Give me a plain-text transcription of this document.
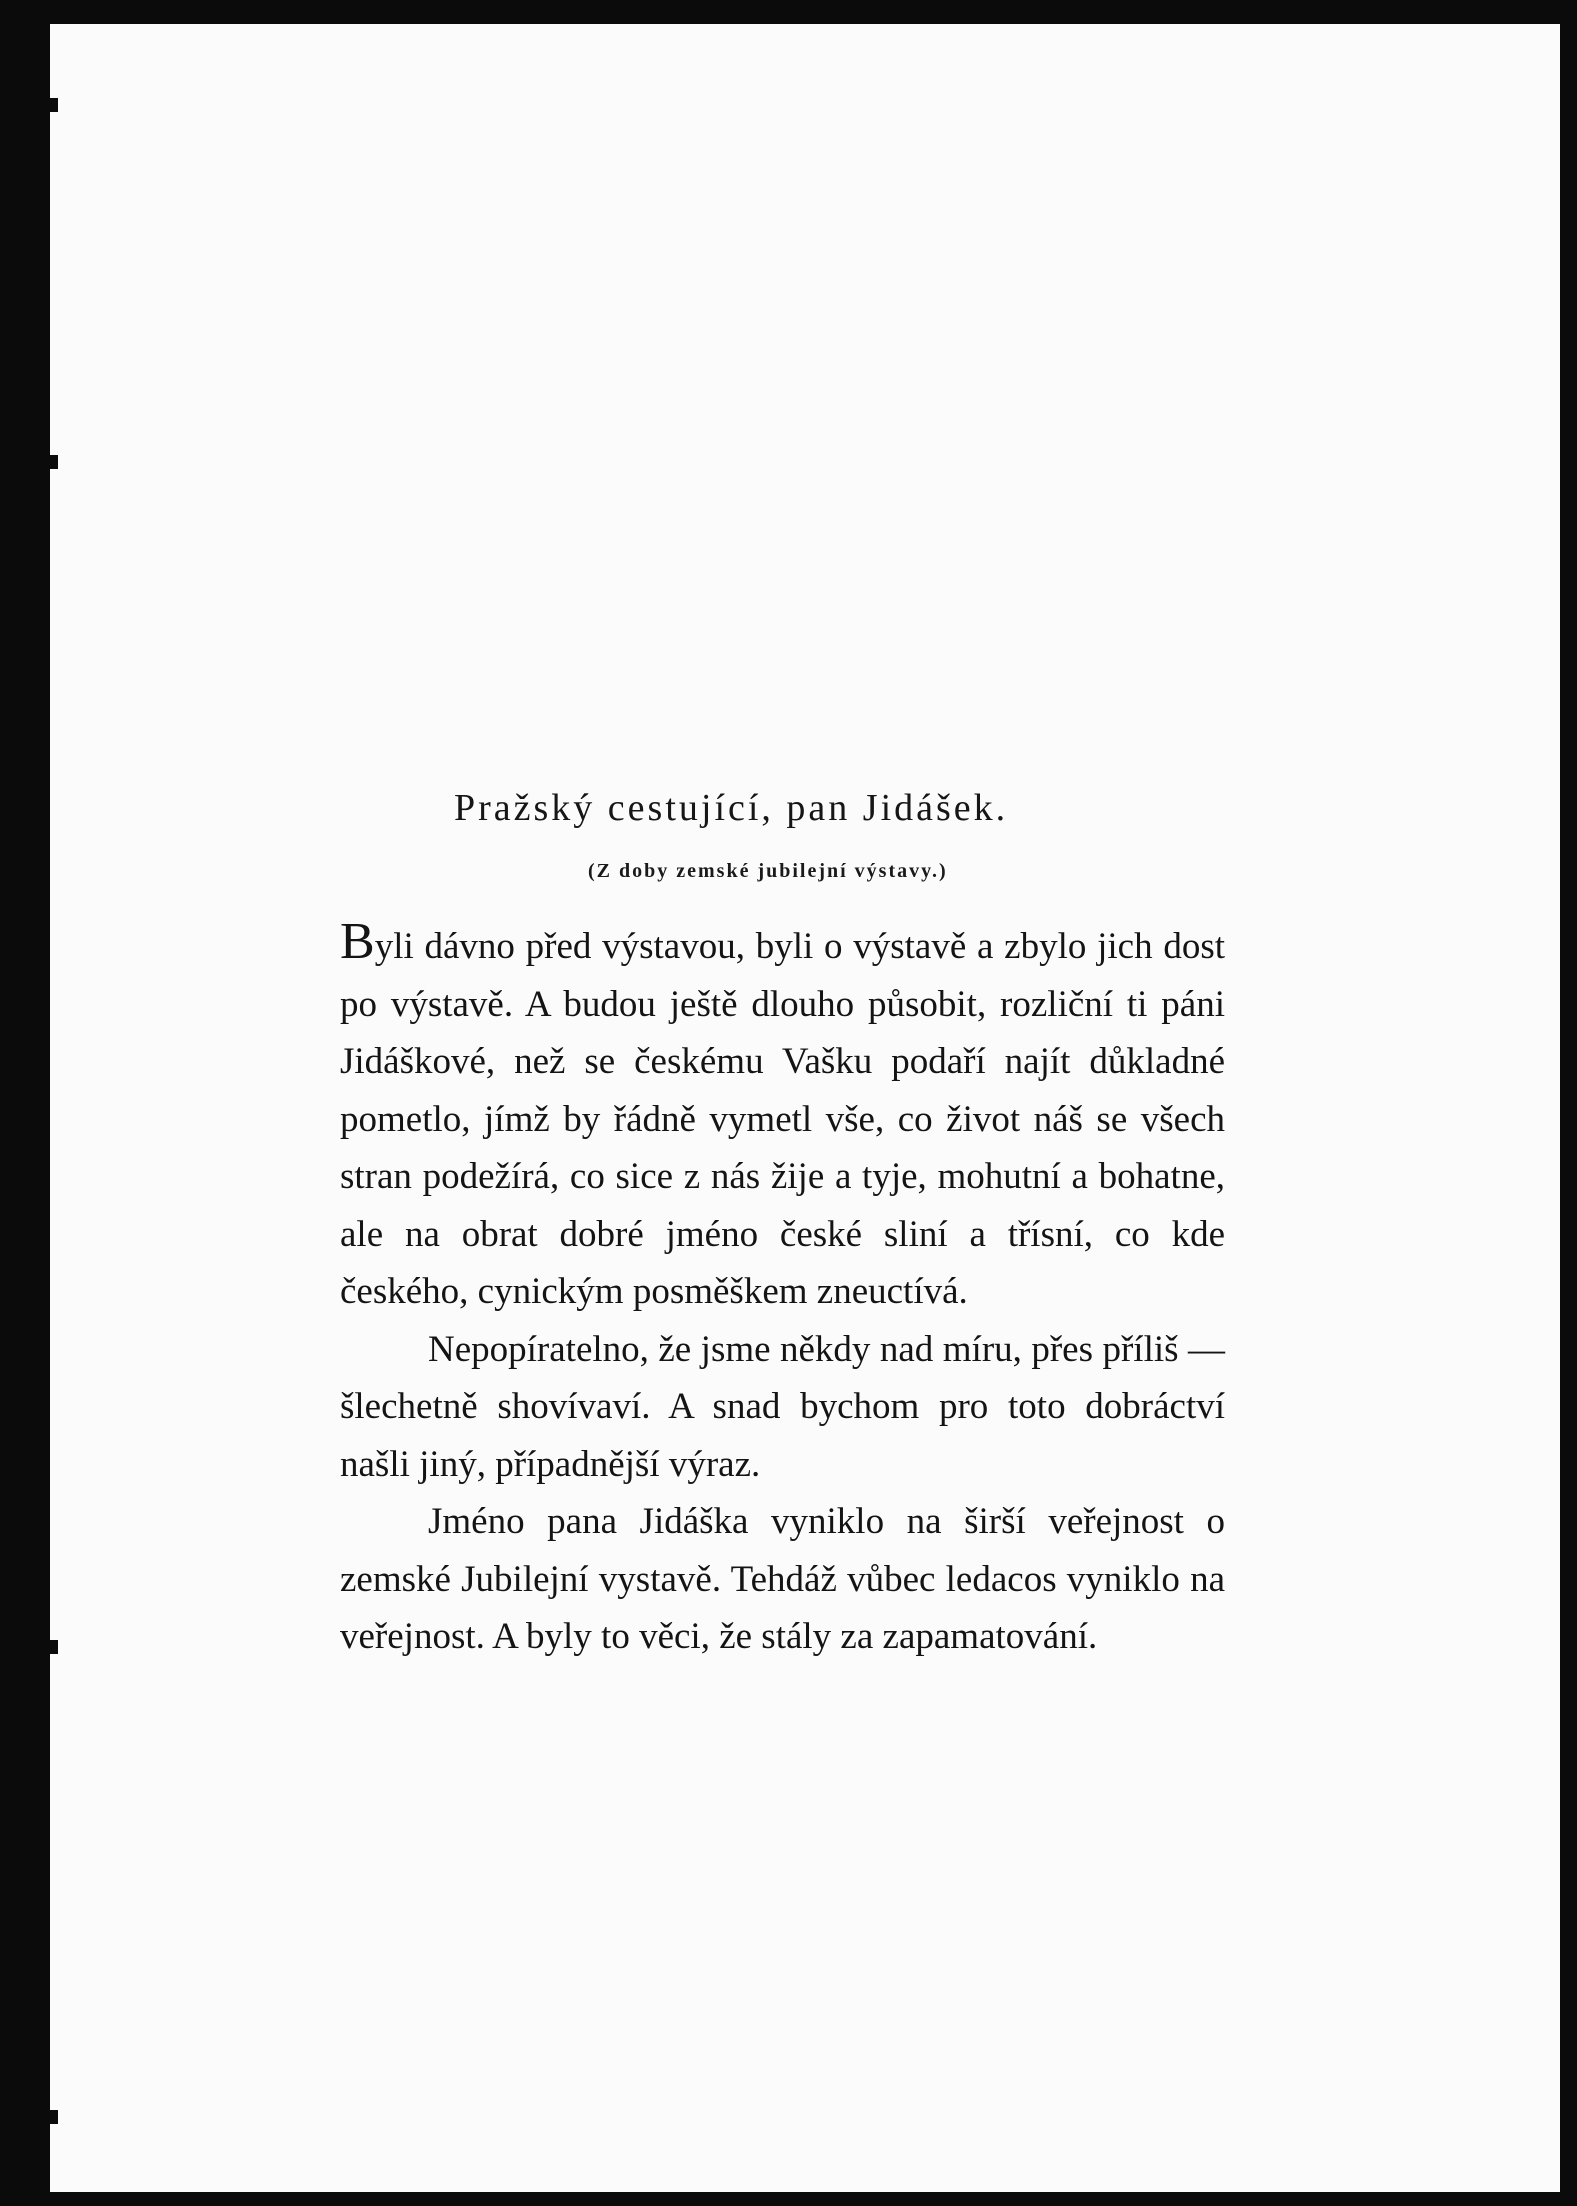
Pražský cestující, pan Jidášek.
(Z doby zemské jubilejní výstavy.)

Byli dávno před výstavou, byli o výstavě a zbylo jich dost po výstavě. A budou ještě dlouho působit, rozliční ti páni Jidáškové, než se českému Vašku podaří najít důkladné pometlo, jímž by řádně vymetl vše, co život náš se všech stran podežírá, co sice z nás žije a tyje, mohutní a bohatne, ale na obrat dobré jméno české sliní a třísní, co kde českého, cynickým posměškem zneuctívá.

Nepopíratelno, že jsme někdy nad míru, přes příliš — šlechetně shovívaví. A snad bychom pro toto dobráctví našli jiný, případnější výraz.

Jméno pana Jidáška vyniklo na širší veřejnost o zemské Jubilejní vystavě. Tehdáž vůbec ledacos vyniklo na veřejnost. A byly to věci, že stály za zapamatování.
